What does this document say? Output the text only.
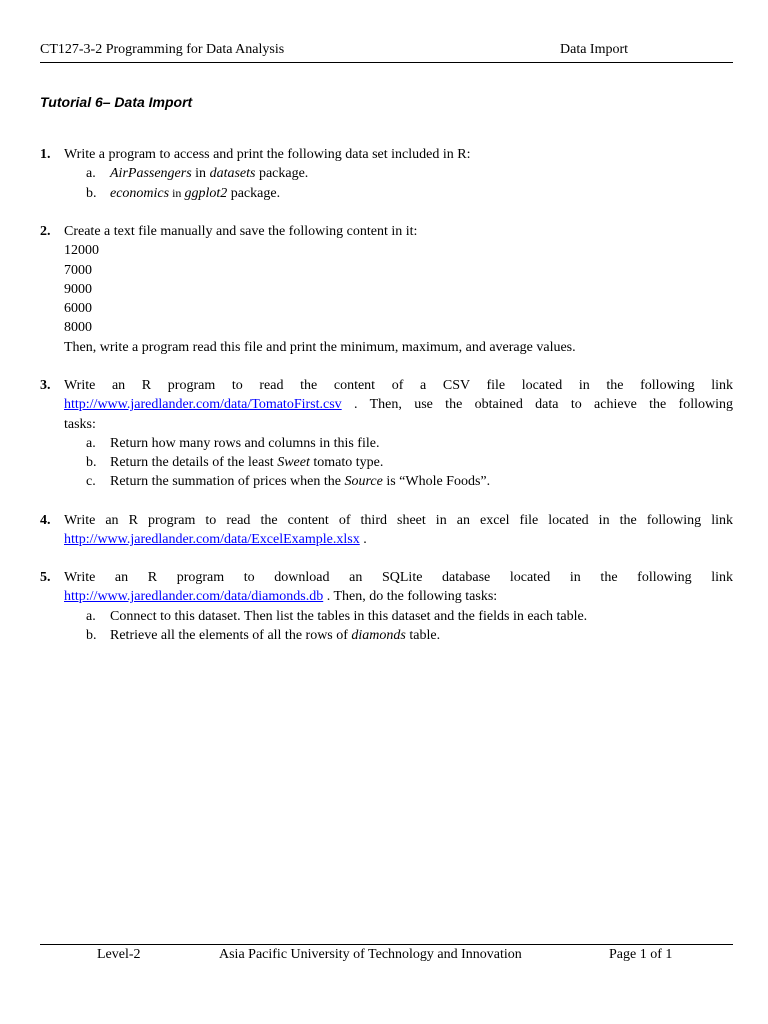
CT127-3-2 Programming for Data Analysis	Data Import
Tutorial 6– Data Import
1. Write a program to access and print the following data set included in R:
a. AirPassengers in datasets package.
b. economics in ggplot2 package.
2. Create a text file manually and save the following content in it:
12000
7000
9000
6000
8000
Then, write a program read this file and print the minimum, maximum, and average values.
3. Write an R program to read the content of a CSV file located in the following link
http://www.jaredlander.com/data/TomatoFirst.csv . Then, use the obtained data to achieve the following
tasks:
a. Return how many rows and columns in this file.
b. Return the details of the least Sweet tomato type.
c. Return the summation of prices when the Source is “Whole Foods”.
4. Write an R program to read the content of third sheet in an excel file located in the following link
http://www.jaredlander.com/data/ExcelExample.xlsx .
5. Write an R program to download an SQLite database located in the following link
http://www.jaredlander.com/data/diamonds.db . Then, do the following tasks:
a. Connect to this dataset. Then list the tables in this dataset and the fields in each table.
b. Retrieve all the elements of all the rows of diamonds table.
Level-2	Asia Pacific University of Technology and Innovation	Page 1 of 1
